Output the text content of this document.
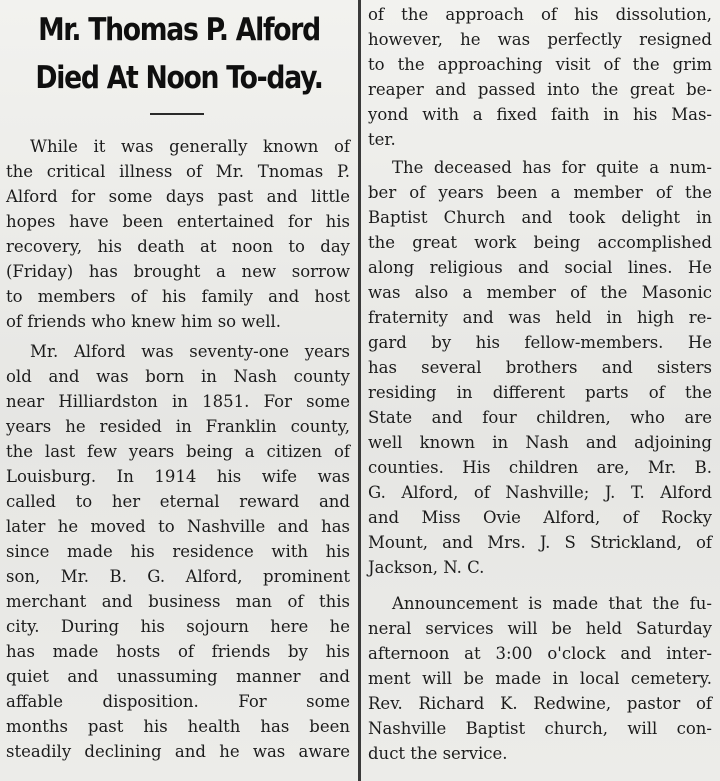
Mr. Thomas P. Alford
Died At Noon To-day.
While it was generally known of
the critical illness of Mr. Tnomas P.
Alford for some days past and little
hopes have been entertained for his
recovery, his death at noon to day
(Friday) has brought a new sorrow
to members of his family and host
of friends who knew him so well.
Mr. Alford was seventy-one years
old and was born in Nash county
near Hilliardston in 1851. For some
years he resided in Franklin county,
the last few years being a citizen of
Louisburg. In 1914 his wife was
called to her eternal reward and
later he moved to Nashville and has
since made his residence with his
son, Mr. B. G. Alford, prominent
merchant and business man of this
city. During his sojourn here he
has made hosts of friends by his
quiet and unassuming manner and
affable disposition. For some
months past his health has been
steadily declining and he was aware
of the approach of his dissolution,
however, he was perfectly resigned
to the approaching visit of the grim
reaper and passed into the great be-
yond with a fixed faith in his Mas-
ter.
The deceased has for quite a num-
ber of years been a member of the
Baptist Church and took delight in
the great work being accomplished
along religious and social lines. He
was also a member of the Masonic
fraternity and was held in high re-
gard by his fellow-members. He
has several brothers and sisters
residing in different parts of the
State and four children, who are
well known in Nash and adjoining
counties. His children are, Mr. B.
G. Alford, of Nashville; J. T. Alford
and Miss Ovie Alford, of Rocky
Mount, and Mrs. J. S Strickland, of
Jackson, N. C.
Announcement is made that the fu-
neral services will be held Saturday
afternoon at 3:00 o'clock and inter-
ment will be made in local cemetery.
Rev. Richard K. Redwine, pastor of
Nashville Baptist church, will con-
duct the service.
